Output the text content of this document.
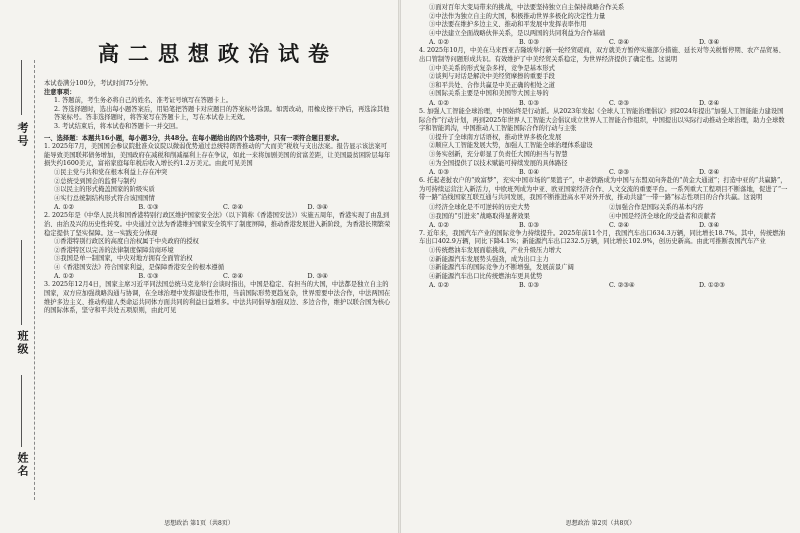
考号
班级
姓名
高二思想政治试卷

本试卷满分100分，考试时间75分钟。

注意事项：

1. 答题前，考生务必将自己的姓名、准考证号填写在答题卡上。

2. 答选择题时，选出每小题答案后，用铅笔把答题卡对应题目的答案标号涂黑。如需改动，用橡皮擦干净后，再选涂其他答案标号。答非选择题时，将答案写在答题卡上，写在本试卷上无效。

3. 考试结束后，将本试卷和答题卡一并交回。

一、选择题：本题共16小题，每小题3分，共48分。在每小题给出的四个选项中，只有一项符合题目要求。

1. 2025年7月，美国国会参议院批准众议院以微弱优势通过总统特朗普推动的“大而美”税收与支出法案。报告显示该法案可能导致美国联邦债务增加，美国政府在减税和削减福利上存在争议，如此一来将加剧美国的贫富差距，让美国最贫困阶层每年损失约1600美元，富裕家庭每年税后收入增长约1.2万美元。由此可见美国

①民主党与共和党在根本利益上存在冲突

②总统受到国会的监督与制约

③以民主的形式掩盖国家的阶级实质

④实行总统制结构形式符合该国国情

A. ①②	B. ①③	C. ②④	D. ③④

2. 2025年是《中华人民共和国香港特别行政区维护国家安全法》（以下简称《香港国安法》）实施五周年，香港实现了由乱到治、由治及兴的历史性转变。中央通过立法为香港维护国家安全筑牢了制度屏障，推动香港发展进入新阶段，为香港长期繁荣稳定提供了坚实保障。这一实践充分体现

①香港特别行政区的高度自治权属于中央政府的授权

②香港特区以完善的法律制度保障营商环境

③我国是单一制国家，中央对地方拥有全面管治权

④《香港国安法》符合国家利益，是保障香港安全的根本遵循

A. ①②	B. ①③	C. ②④	D. ③④

3. 2025年12月4日，国家主席习近平同法国总统马克龙举行会谈时指出，中国是稳定、有担当的大国，中法都是独立自主的国家，双方应加强战略沟通与协调，在全球治理中发挥建设性作用，当前国际形势更趋复杂，世界需要中法合作，中法两国在维护多边主义、推动构建人类命运共同体方面共同的利益日益增多。中法共同倡导加强双边、多边合作，维护以联合国为核心的国际体系，坚守和平共处五项原则，由此可见

思想政治 第1页（共8页）

①面对百年大变局带来的挑战，中法要坚持独立自主保持战略合作关系

②中法作为独立自主的大国，积极推动世界多极化的决定性力量

③中法要在维护多边主义、推动和平发展中发挥表率作用

④中法建立全面战略伙伴关系，是以两国的共同利益为合作基础

A. ①②	B. ①③	C. ②④	D. ③④

4. 2025年10月，中美在马来西亚吉隆坡举行新一轮经贸磋商，双方就美方暂停实施部分措施、延长对等关税暂停期、农产品贸易、出口管制等问题形成共识。有效维护了中美经贸关系稳定，为世界经济提供了确定性。这说明

①中美关系的形式复杂多样，竞争是基本形式

②谈判与对话是解决中美经贸摩擦的重要手段

③和平共处、合作共赢是中美正确的相处之道

④国际关系主要是中国和美国等大国主导的

A. ①②	B. ①③	C. ②③	D. ②④

5. 加强人工智能全球治理，中国始终是行动派。从2023年发起《全球人工智能治理倡议》到2024年提出“加强人工智能能力建设国际合作”行动计划，再到2025年世界人工智能大会倡议成立世界人工智能合作组织，中国提出以实际行动推动全球治理，助力全球数字和智能鸿沟，中国推动人工智能国际合作的行动与主张

①提升了全球南方话语权，推动世界多极化发展

②顺应人工智能发展大势，加强人工智能全球治理体系建设

③务实创新，充分彰显了负责任大国的担当与智慧

④为全国提供了以技术赋能可持续发展的具体路径

A. ①③	B. ①④	C. ②③	D. ②④

6. 托起老挝农户的“致富梦”，充实中国市场的“果篮子”，中老铁路成为中国与东盟双向奔赴的“黄金大通道”；打造中亚的“共赢路”，为可持续运营注入新活力，中欧班列成为中亚、欧亚国家经济合作、人文交流的重要平台。一系列重大工程项目不断落地，促进了“一带一路”沿线国家互联互通与共同发展，我国不断推进高水平对外开放，推动共建“一带一路”标志性项目的合作共赢。这说明

①经济全球化是不可逆转的历史大势	②加强合作是国际关系的基本内容
③我国的“引进来”战略取得显著效果	④中国是经济全球化的受益者和贡献者
A. ①②	B. ①③	C. ②④	D. ③④

7. 近年来，我国汽车产业的国际竞争力持续提升。2025年前11个月，我国汽车出口634.3万辆，同比增长18.7%。其中，传统燃油车出口402.9万辆，同比下降4.1%；新能源汽车出口232.5万辆，同比增长102.9%，创历史新高。由此可推断我国汽车产业

①传统燃油车发展面临挑战，产业升级压力增大

②新能源汽车发展势头强劲，成为出口主力

③新能源汽车的国际竞争力不断增强，发展前景广阔

④新能源汽车出口比传统燃油车更具优势

A. ①②	B. ①③	C. ②③④	D. ①②③
思想政治 第2页（共8页）
